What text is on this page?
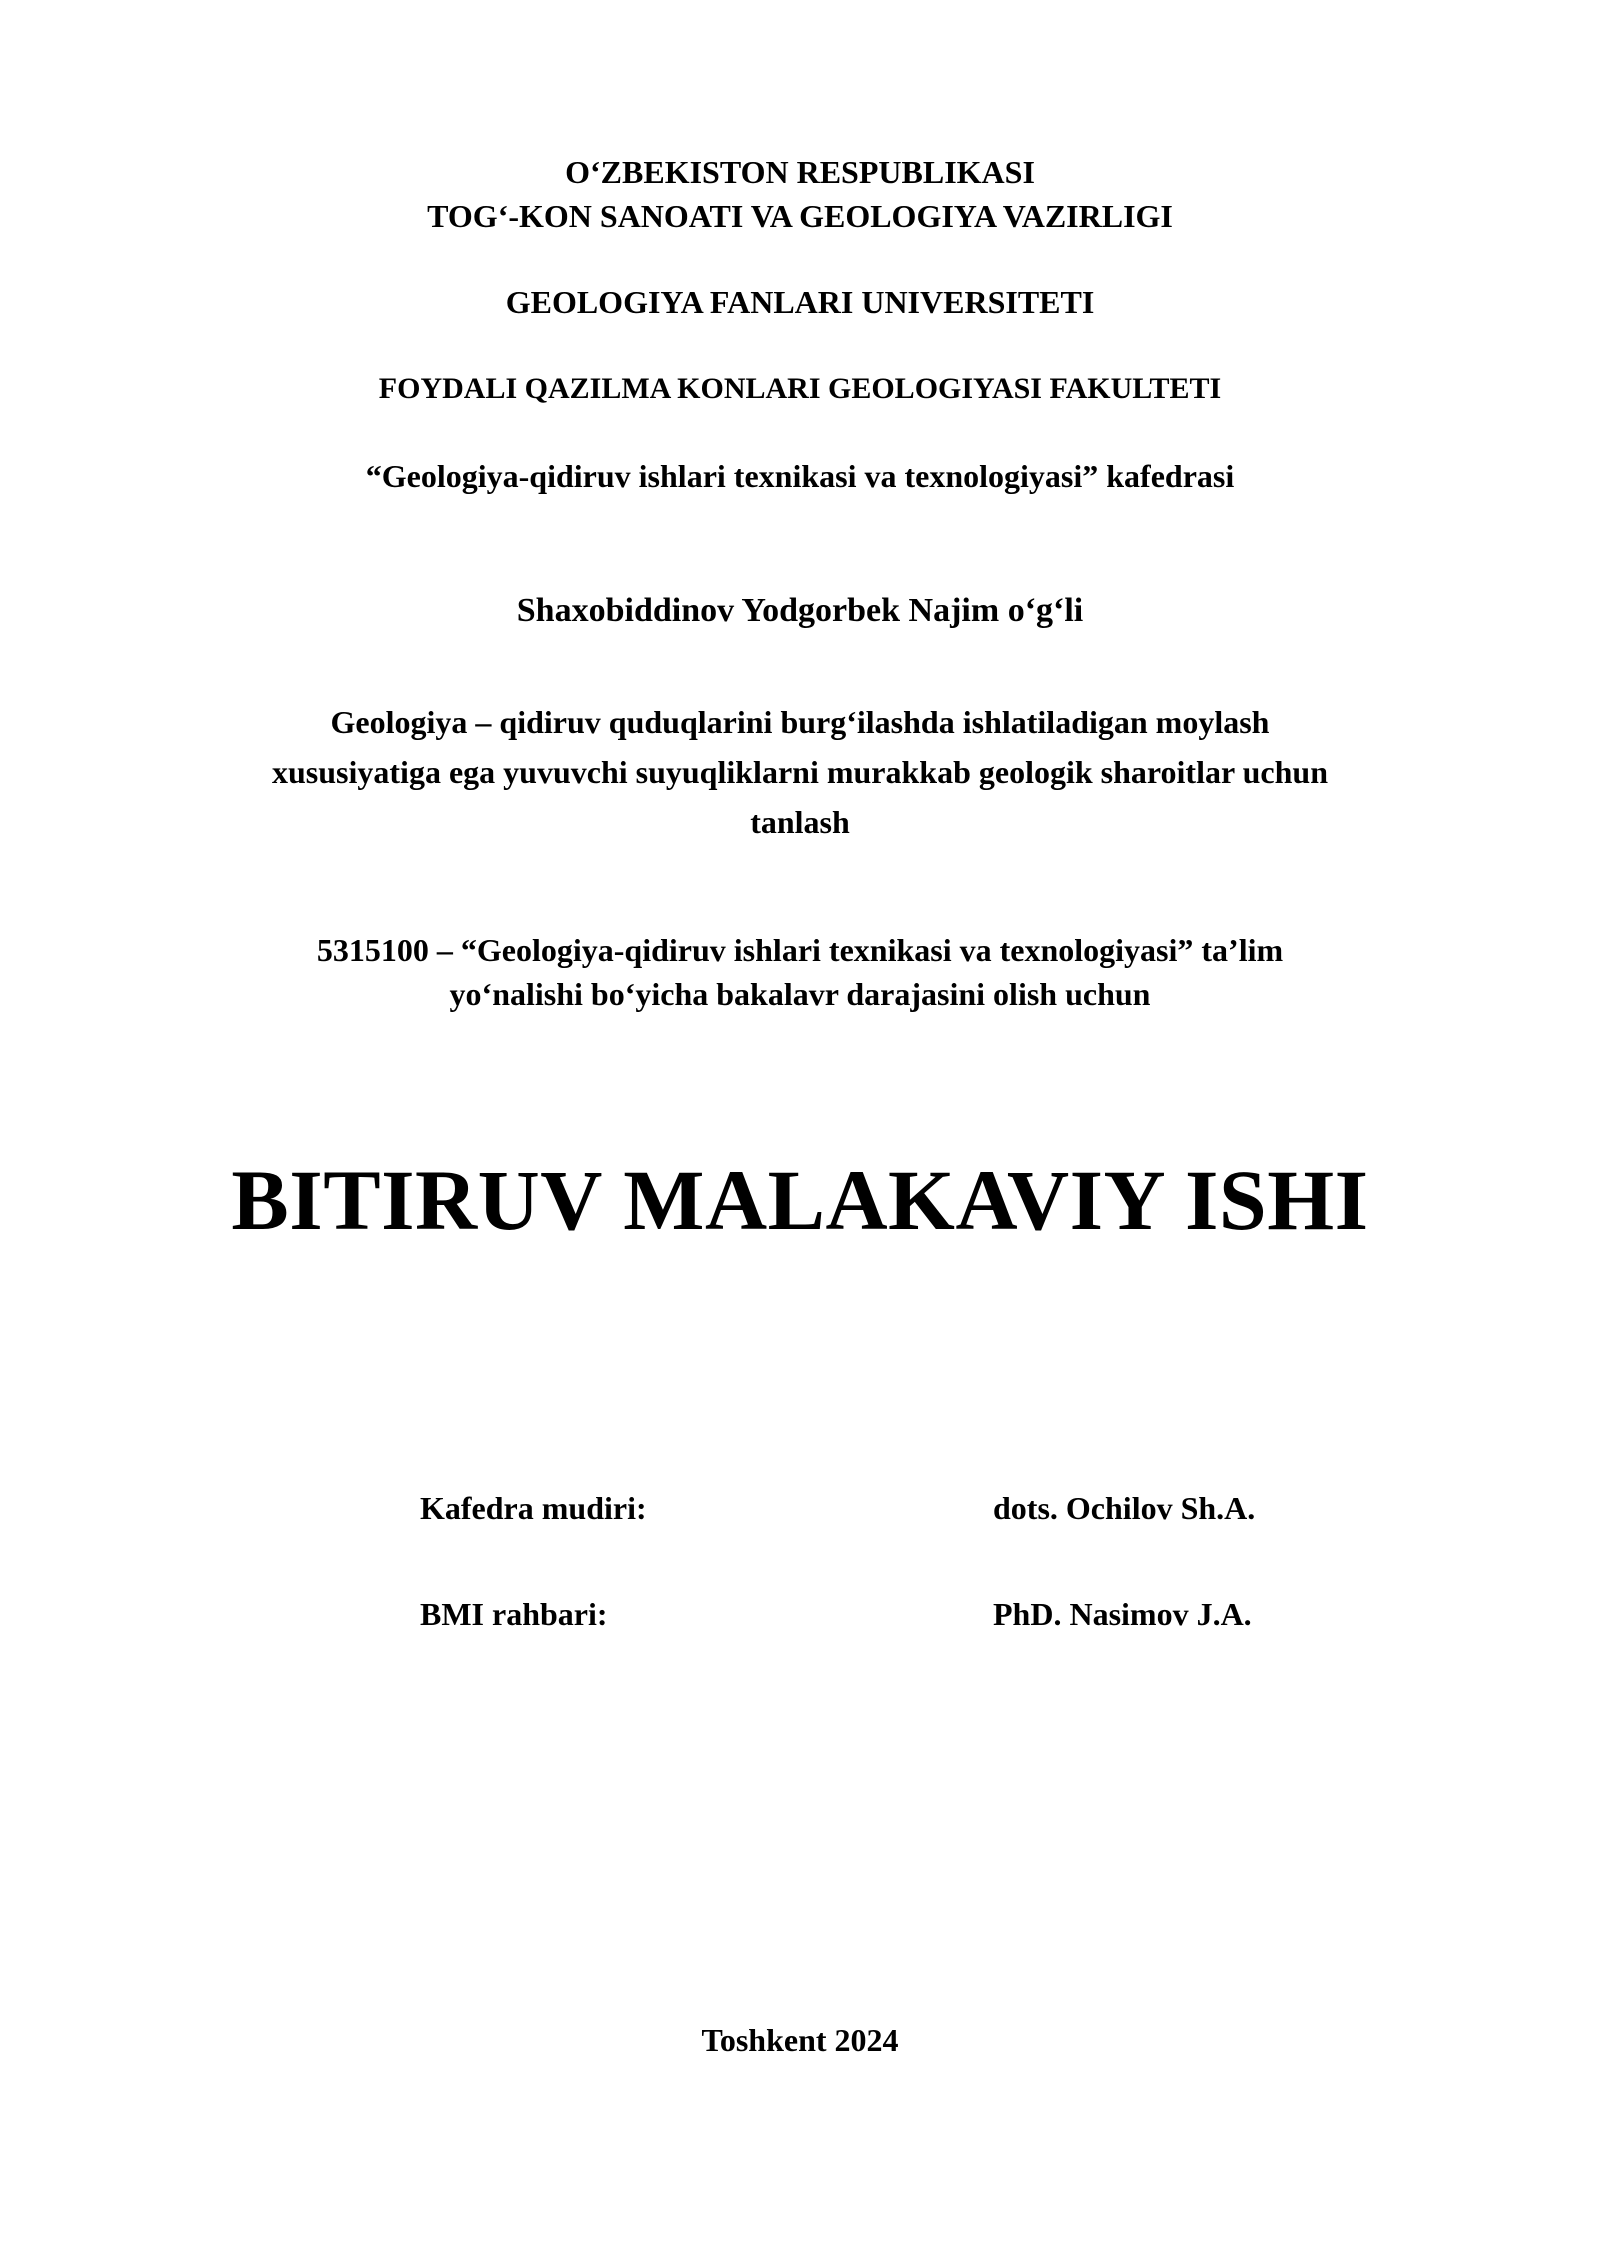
O‘ZBEKISTON RESPUBLIKASI
TOG‘-KON SANOATI VA GEOLOGIYA VAZIRLIGI
GEOLOGIYA FANLARI UNIVERSITETI
FOYDALI QAZILMA KONLARI GEOLOGIYASI FAKULTETI
“Geologiya-qidiruv ishlari texnikasi va texnologiyasi” kafedrasi
Shaxobiddinov Yodgorbek Najim o‘g‘li
Geologiya – qidiruv quduqlarini burg‘ilashda ishlatiladigan moylash
xususiyatiga ega yuvuvchi suyuqliklarni murakkab geologik sharoitlar uchun
tanlash
5315100 – “Geologiya-qidiruv ishlari texnikasi va texnologiyasi” ta’lim
yo‘nalishi bo‘yicha bakalavr darajasini olish uchun
BITIRUV MALAKAVIY ISHI
Kafedra mudiri:	dots. Ochilov Sh.A.
BMI rahbari:	PhD. Nasimov J.A.
Toshkent 2024
